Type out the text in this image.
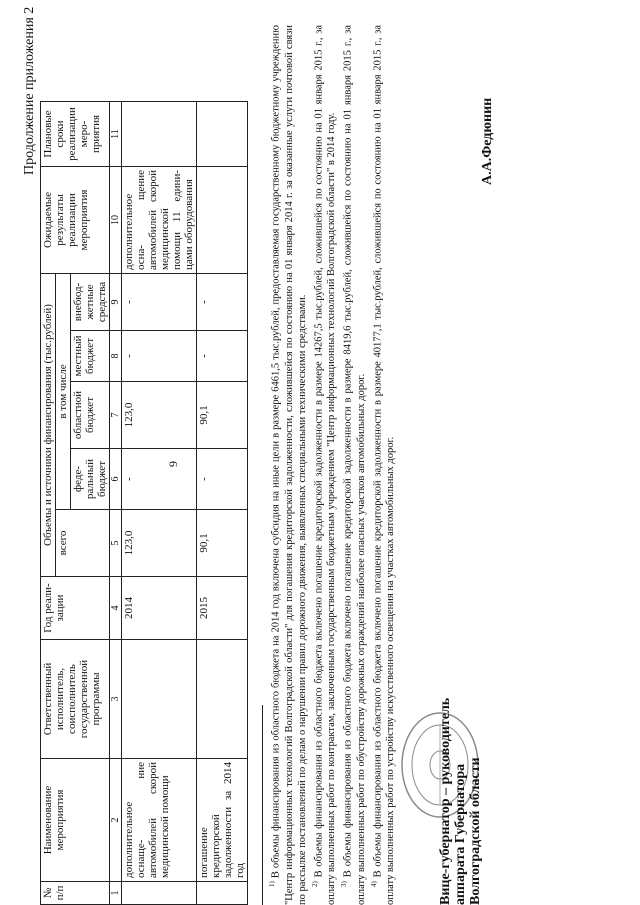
Продолжение приложения 2
9
№ п/п	Наименование мероприятия	Ответственный исполнитель, соисполнитель государственной программы	Год реали- зации	Объемы и источники финансирования (тыс.рублей)					Ожидаемые результаты реализации мероприятия	Плановые сроки реализации меро- приятия
				всего	в том числе					
					феде- ральный бюджет	областной бюджет	местный бюджет	внебюд- жетные средства		
1	2	3	4	5	6	7	8	9	10	11
	дополнительное оснаще- ние автомобилей скорой медицинской помощи		2014	123,0	-	123,0	-	-	дополнительное осна- щение автомобилей скорой медицинской помощи 11 едини- цами оборудования	
	погашение кредиторской задолженности за 2014 год		2015	90,1	-	90,1	-	-		

$^{1)}$ В объемы финансирования из областного бюджета на 2014 год включена субсидия на иные цели в размере 6461,5 тыс.рублей, предоставляемая государственному бюджетному учреждению "Центр информационных технологий Волгоградской области" для погашения кредиторской задолженности, сложившейся по состоянию на 01 января 2014 г. за оказанные услуги почтовой связи по рассылке постановлений по делам о нарушении правил дорожного движения, выявленных специальными техническими средствами. $^{2)}$ В объемы финансирования из областного бюджета включено погашение кредиторской задолженности в размере 14267,5 тыс.рублей, сложившейся по состоянию на 01 января 2015 г., за оплату выполненных работ по контрактам, заключенным государственным бюджетным учреждением "Центр информационных технологий Волгоградской области" в 2014 году. $^{3)}$ В объемы финансирования из областного бюджета включено погашение кредиторской задолженности в размере 8419,6 тыс.рублей, сложившейся по состоянию на 01 января 2015 г., за оплату выполненных работ по обустройству дорожных ограждений наиболее опасных участков автомобильных дорог. $^{4)}$ В объемы финансирования из областного бюджета включено погашение кредиторской задолженности в размере 40177,1 тыс.рублей, сложившейся по состоянию на 01 января 2015 г., за оплату выполненных работ по устройству искусственного освещения на участках автомобильных дорог.	Вице-губернатор – руководитель аппарата Губернатора Волгоградской области
А.А.Федюнин
